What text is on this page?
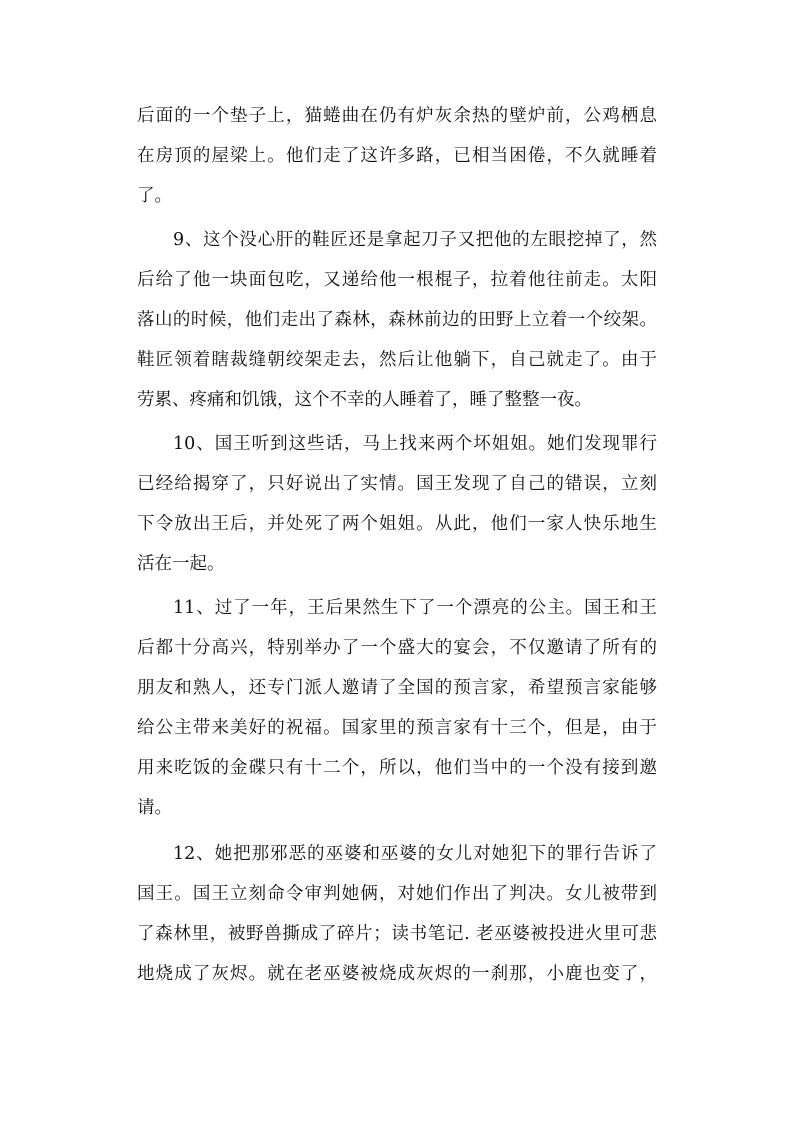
后面的一个垫子上，猫蜷曲在仍有炉灰余热的壁炉前，公鸡栖息
在房顶的屋梁上。他们走了这许多路，已相当困倦，不久就睡着
了。
9、这个没心肝的鞋匠还是拿起刀子又把他的左眼挖掉了，然
后给了他一块面包吃，又递给他一根棍子，拉着他往前走。太阳
落山的时候，他们走出了森林，森林前边的田野上立着一个绞架。
鞋匠领着瞎裁缝朝绞架走去，然后让他躺下，自己就走了。由于
劳累、疼痛和饥饿，这个不幸的人睡着了，睡了整整一夜。
10、国王听到这些话，马上找来两个坏姐姐。她们发现罪行
已经给揭穿了，只好说出了实情。国王发现了自己的错误，立刻
下令放出王后，并处死了两个姐姐。从此，他们一家人快乐地生
活在一起。
11、过了一年，王后果然生下了一个漂亮的公主。国王和王
后都十分高兴，特别举办了一个盛大的宴会，不仅邀请了所有的
朋友和熟人，还专门派人邀请了全国的预言家，希望预言家能够
给公主带来美好的祝福。国家里的预言家有十三个，但是，由于
用来吃饭的金碟只有十二个，所以，他们当中的一个没有接到邀
请。
12、她把那邪恶的巫婆和巫婆的女儿对她犯下的罪行告诉了
国王。国王立刻命令审判她俩，对她们作出了判决。女儿被带到
了森林里，被野兽撕成了碎片；读书笔记. 老巫婆被投进火里可悲
地烧成了灰烬。就在老巫婆被烧成灰烬的一刹那，小鹿也变了，
